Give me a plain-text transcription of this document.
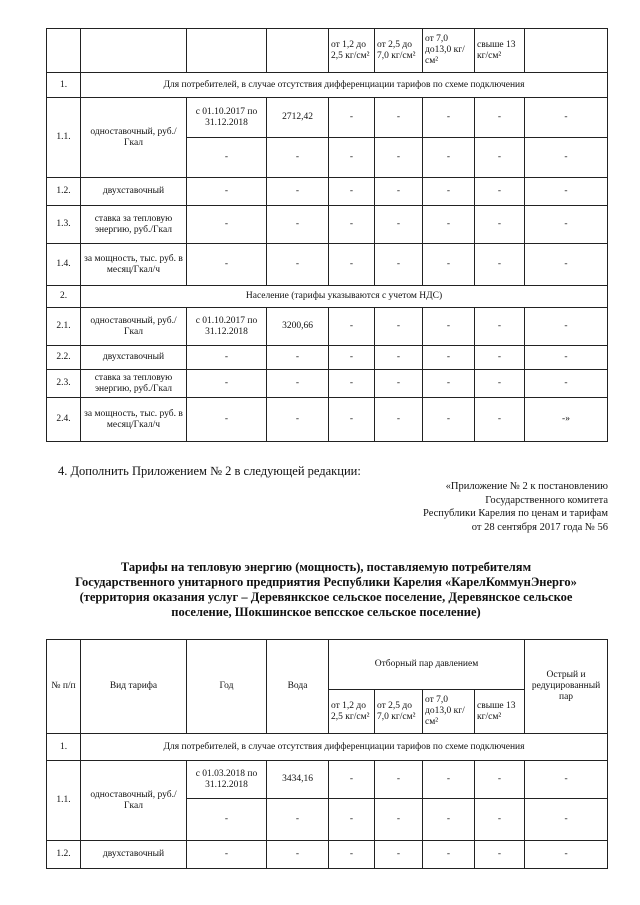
				от 1,2 до 2,5 кг/см²	от 2,5 до 7,0 кг/см²	от 7,0 до13,0 кг/см²	свыше 13 кг/см²	
1.	Для потребителей, в случае отсутствия дифференциации тарифов по схеме подключения							
1.1.	одноставочный, руб./Гкал	с 01.10.2017 по 31.12.2018	2712,42	-	-	-	-	-
		-	-	-	-	-	-	-
1.2.	двухставочный	-	-	-	-	-	-	-
1.3.	ставка за тепловую энергию, руб./Гкал	-	-	-	-	-	-	-
1.4.	за мощность, тыс. руб. в месяц/Гкал/ч	-	-	-	-	-	-	-
2.	Население (тарифы указываются с учетом НДС)							
2.1.	одноставочный, руб./Гкал	с 01.10.2017 по 31.12.2018	3200,66	-	-	-	-	-
2.2.	двухставочный	-	-	-	-	-	-	-
2.3.	ставка за тепловую энергию, руб./Гкал	-	-	-	-	-	-	-
2.4.	за мощность, тыс. руб. в месяц/Гкал/ч	-	-	-	-	-	-	-»
4. Дополнить Приложением № 2 в следующей редакции:
«Приложение № 2 к постановлению
Государственного комитета
Республики Карелия по ценам и тарифам
от 28 сентября 2017 года № 56
Тарифы на тепловую энергию (мощность), поставляемую потребителям
Государственного унитарного предприятия Республики Карелия «КарелКоммунЭнерго»
(территория оказания услуг – Деревянкское сельское поселение, Деревянское сельское
поселение, Шокшинское вепсское сельское поселение)
№ п/п	Вид тарифа	Год	Вода	Отборный пар давлением				Острый и редуцированный пар
				от 1,2 до 2,5 кг/см²	от 2,5 до 7,0 кг/см²	от 7,0 до13,0 кг/см²	свыше 13 кг/см²	
1.	Для потребителей, в случае отсутствия дифференциации тарифов по схеме подключения							
1.1.	одноставочный, руб./Гкал	с 01.03.2018 по 31.12.2018	3434,16	-	-	-	-	-
		-	-	-	-	-	-	-
1.2.	двухставочный	-	-	-	-	-	-	-
